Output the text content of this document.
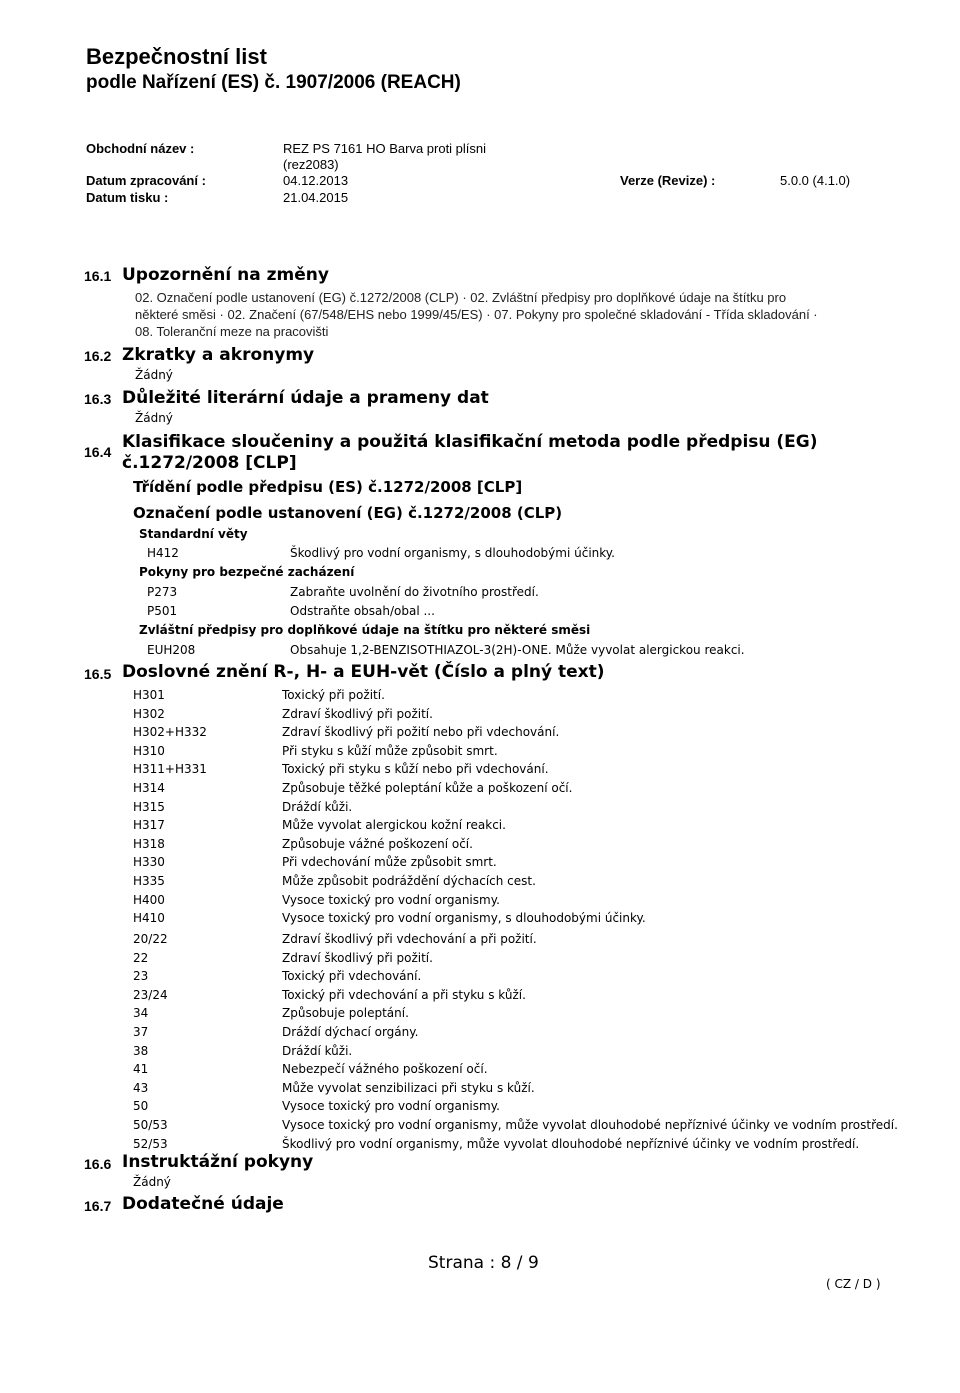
Bezpečnostní list
podle Nařízení (ES) č. 1907/2006 (REACH)
Obchodní název :	REZ PS 7161 HO Barva proti plísni
(rez2083)
Datum zpracování :	04.12.2013	Verze (Revize) :	5.0.0 (4.1.0)
Datum tisku :	21.04.2015
16.1 Upozornění na změny
02. Označení podle ustanovení (EG) č.1272/2008 (CLP) · 02. Zvláštní předpisy pro doplňkové údaje na štítku pro
některé směsi · 02. Značení (67/548/EHS nebo 1999/45/ES) · 07. Pokyny pro společné skladování - Třída skladování ·
08. Toleranční meze na pracovišti
16.2 Zkratky a akronymy
Žádný
16.3 Důležité literární údaje a prameny dat
Žádný
16.4 Klasifikace sloučeniny a použitá klasifikační metoda podle předpisu (EG)
č.1272/2008 [CLP]
Třídění podle předpisu (ES) č.1272/2008 [CLP]
Označení podle ustanovení (EG) č.1272/2008 (CLP)
Standardní věty
H412	Škodlivý pro vodní organismy, s dlouhodobými účinky.
Pokyny pro bezpečné zacházení
P273	Zabraňte uvolnění do životního prostředí.
P501	Odstraňte obsah/obal ...
Zvláštní předpisy pro doplňkové údaje na štítku pro některé směsi
EUH208	Obsahuje 1,2-BENZISOTHIAZOL-3(2H)-ONE. Může vyvolat alergickou reakci.
16.5 Doslovné znění R-, H- a EUH-vět (Číslo a plný text)
H301	Toxický při požití.
H302	Zdraví škodlivý při požití.
H302+H332	Zdraví škodlivý při požití nebo při vdechování.
H310	Při styku s kůží může způsobit smrt.
H311+H331	Toxický při styku s kůží nebo při vdechování.
H314	Způsobuje těžké poleptání kůže a poškození očí.
H315	Dráždí kůži.
H317	Může vyvolat alergickou kožní reakci.
H318	Způsobuje vážné poškození očí.
H330	Při vdechování může způsobit smrt.
H335	Může způsobit podráždění dýchacích cest.
H400	Vysoce toxický pro vodní organismy.
H410	Vysoce toxický pro vodní organismy, s dlouhodobými účinky.
20/22	Zdraví škodlivý při vdechování a při požití.
22	Zdraví škodlivý při požití.
23	Toxický při vdechování.
23/24	Toxický při vdechování a při styku s kůží.
34	Způsobuje poleptání.
37	Dráždí dýchací orgány.
38	Dráždí kůži.
41	Nebezpečí vážného poškození očí.
43	Může vyvolat senzibilizaci při styku s kůží.
50	Vysoce toxický pro vodní organismy.
50/53	Vysoce toxický pro vodní organismy, může vyvolat dlouhodobé nepříznivé účinky ve vodním prostředí.
52/53	Škodlivý pro vodní organismy, může vyvolat dlouhodobé nepříznivé účinky ve vodním prostředí.
16.6 Instruktážní pokyny
Žádný
16.7 Dodatečné údaje
Strana : 8 / 9
( CZ / D )
